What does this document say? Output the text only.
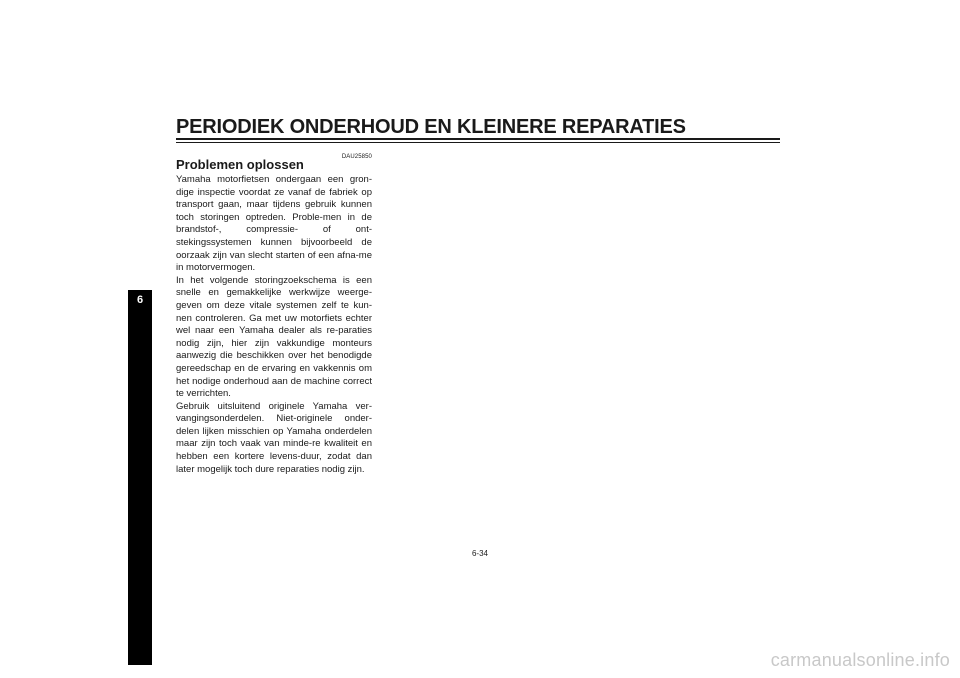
PERIODIEK ONDERHOUD EN KLEINERE REPARATIES
6
DAU25850
Problemen oplossen

Yamaha motorfietsen ondergaan een gron-dige inspectie voordat ze vanaf de fabriek op transport gaan, maar tijdens gebruik kunnen toch storingen optreden. Proble-men in de brandstof-, compressie- of ont-stekingssystemen kunnen bijvoorbeeld de oorzaak zijn van slecht starten of een afna-me in motorvermogen.

In het volgende storingzoekschema is een snelle en gemakkelijke werkwijze weerge-geven om deze vitale systemen zelf te kun-nen controleren. Ga met uw motorfiets echter wel naar een Yamaha dealer als re-paraties nodig zijn, hier zijn vakkundige monteurs aanwezig die beschikken over het benodigde gereedschap en de ervaring en vakkennis om het nodige onderhoud aan de machine correct te verrichten.

Gebruik uitsluitend originele Yamaha ver-vangingsonderdelen. Niet-originele onder-delen lijken misschien op Yamaha onderdelen maar zijn toch vaak van minde-re kwaliteit en hebben een kortere levens-duur, zodat dan later mogelijk toch dure reparaties nodig zijn.

6-34
carmanualsonline.info
